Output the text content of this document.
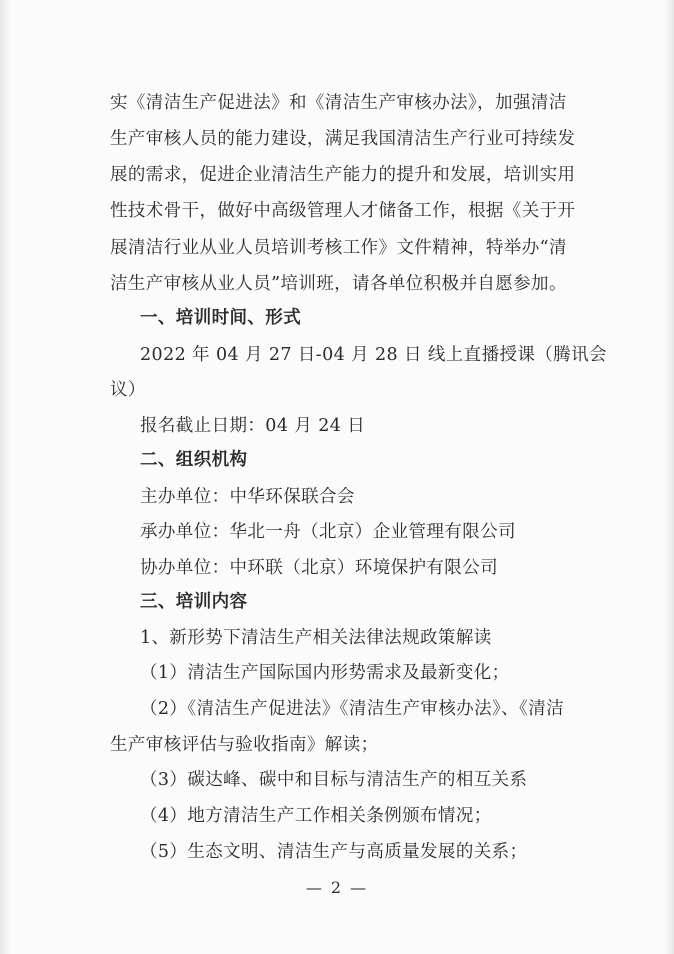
实《清洁生产促进法》和《清洁生产审核办法》，加强清洁
生产审核人员的能力建设，满足我国清洁生产行业可持续发
展的需求，促进企业清洁生产能力的提升和发展，培训实用
性技术骨干，做好中高级管理人才储备工作，根据《关于开
展清洁行业从业人员培训考核工作》文件精神，特举办“清
洁生产审核从业人员”培训班，请各单位积极并自愿参加。
一、培训时间、形式
2022 年 04 月 27 日-04 月 28 日 线上直播授课（腾讯会
议）
报名截止日期：04 月 24 日
二、组织机构
主办单位：中华环保联合会
承办单位：华北一舟（北京）企业管理有限公司
协办单位：中环联（北京）环境保护有限公司
三、培训内容
1、新形势下清洁生产相关法律法规政策解读
（1）清洁生产国际国内形势需求及最新变化；
（2）《清洁生产促进法》《清洁生产审核办法》、《清洁
生产审核评估与验收指南》解读；
（3）碳达峰、碳中和目标与清洁生产的相互关系
（4）地方清洁生产工作相关条例颁布情况；
（5）生态文明、清洁生产与高质量发展的关系；
— 2 —
